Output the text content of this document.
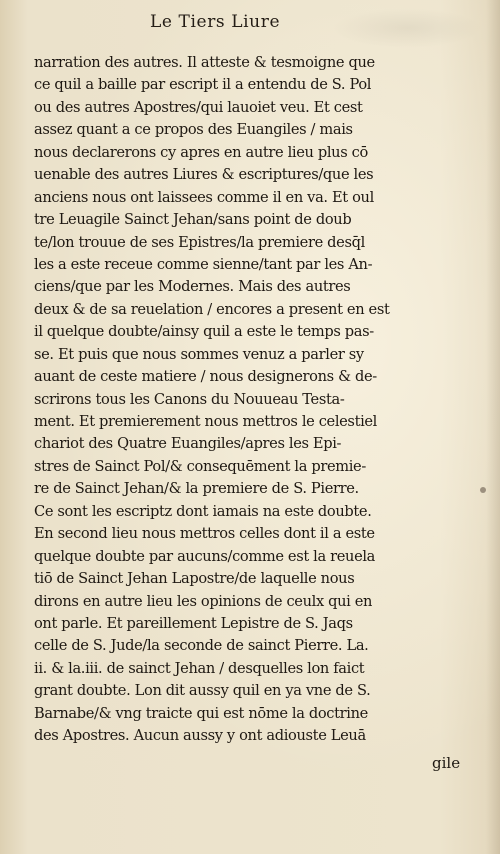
Le Tiers Liure
narration des autres. Il atteste & tesmoigne que
ce quil a baille par escript il a entendu de S. Pol
ou des autres Apostres/qui lauoiet veu. Et cest
assez quant a ce propos des Euangiles / mais
nous declarerons cy apres en autre lieu plus cō
uenable des autres Liures & escriptures/que les
anciens nous ont laissees comme il en va. Et oul
tre Leuagile Sainct Jehan/sans point de doub
te/lon trouue de ses Epistres/la premiere desq̄l
les a este receue comme sienne/tant par les An-
ciens/que par les Modernes. Mais des autres
deux & de sa reuelation / encores a present en est
il quelque doubte/ainsy quil a este le temps pas-
se. Et puis que nous sommes venuz a parler sy
auant de ceste matiere / nous designerons & de-
scrirons tous les Canons du Nouueau Testa-
ment. Et premierement nous mettros le celestiel
chariot des Quatre Euangiles/apres les Epi-
stres de Sainct Pol/& consequēment la premie-
re de Sainct Jehan/& la premiere de S. Pierre.
Ce sont les escriptz dont iamais na este doubte.
En second lieu nous mettros celles dont il a este
quelque doubte par aucuns/comme est la reuela
tiō de Sainct Jehan Lapostre/de laquelle nous
dirons en autre lieu les opinions de ceulx qui en
ont parle. Et pareillement Lepistre de S. Jaqs
celle de S. Jude/la seconde de sainct Pierre. La.
ii. & la.iii. de sainct Jehan / desquelles lon faict
grant doubte. Lon dit aussy quil en ya vne de S.
Barnabe/& vng traicte qui est nōme la doctrine
des Apostres. Aucun aussy y ont adiouste Leuā
gile
